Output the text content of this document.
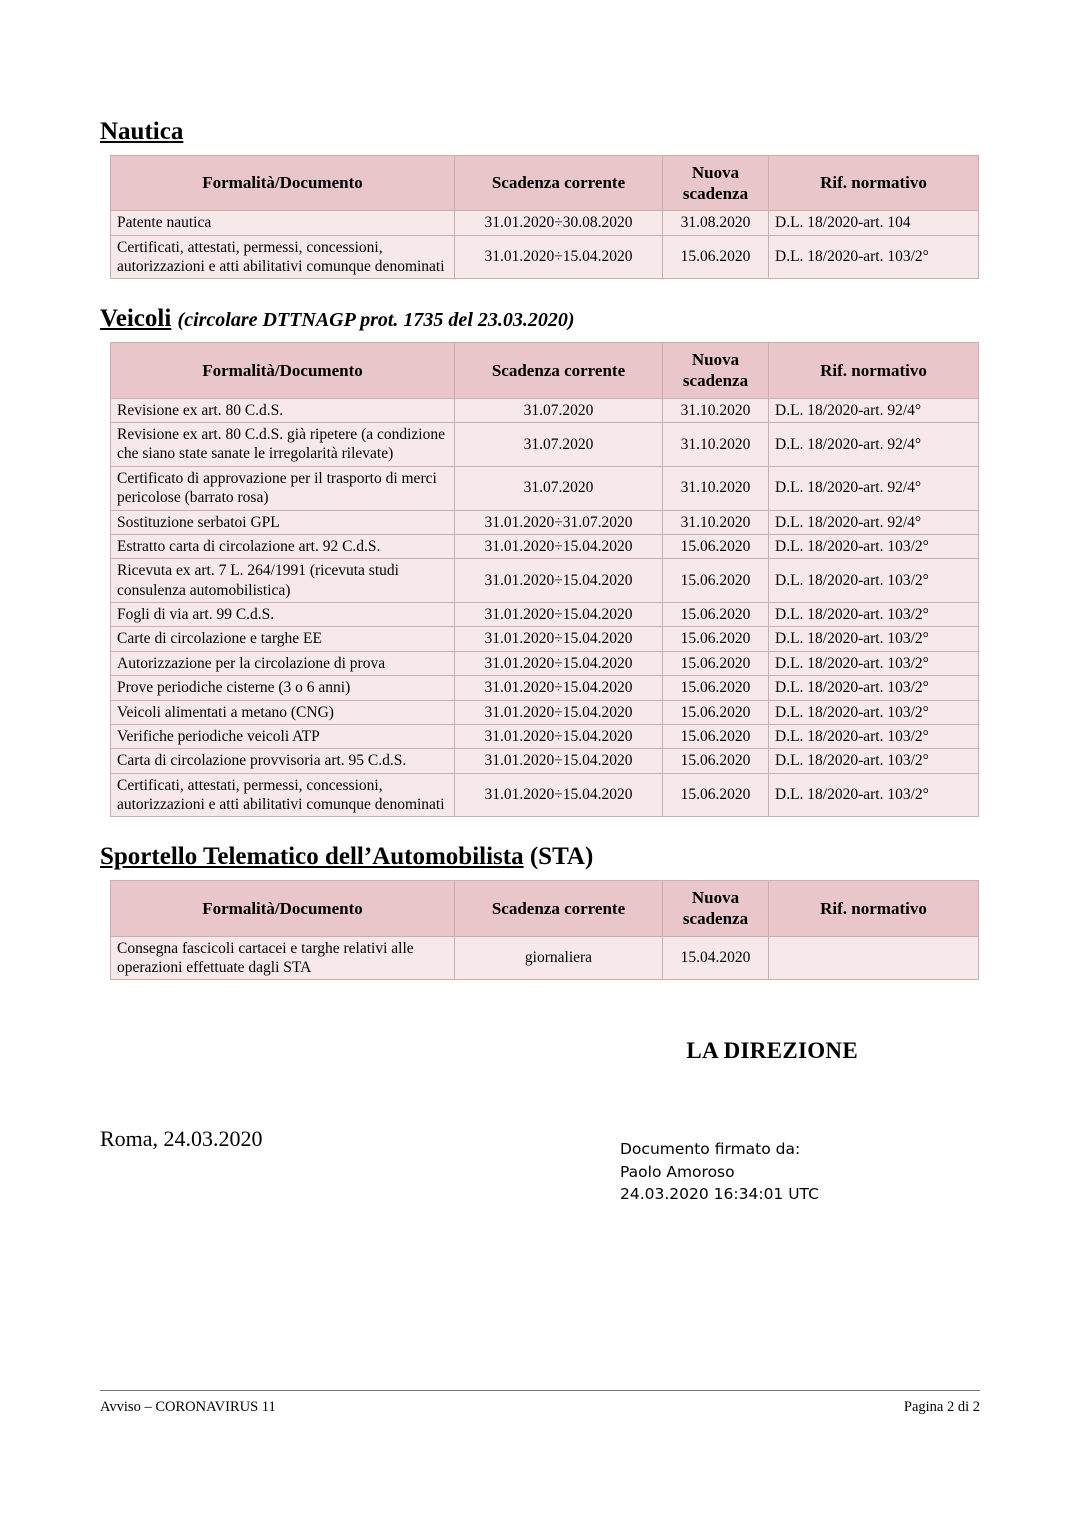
Nautica
Formalità/Documento	Scadenza corrente	Nuova scadenza	Rif. normativo
Patente nautica	31.01.2020÷30.08.2020	31.08.2020	D.L. 18/2020-art. 104
Certificati, attestati, permessi, concessioni, autorizzazioni e atti abilitativi comunque denominati	31.01.2020÷15.04.2020	15.06.2020	D.L. 18/2020-art. 103/2°
Veicoli (circolare DTTNAGP prot. 1735 del 23.03.2020)
Formalità/Documento	Scadenza corrente	Nuova scadenza	Rif. normativo
Revisione ex art. 80 C.d.S.	31.07.2020	31.10.2020	D.L. 18/2020-art. 92/4°
Revisione ex art. 80 C.d.S. già ripetere (a condizione che siano state sanate le irregolarità rilevate)	31.07.2020	31.10.2020	D.L. 18/2020-art. 92/4°
Certificato di approvazione per il trasporto di merci pericolose (barrato rosa)	31.07.2020	31.10.2020	D.L. 18/2020-art. 92/4°
Sostituzione serbatoi GPL	31.01.2020÷31.07.2020	31.10.2020	D.L. 18/2020-art. 92/4°
Estratto carta di circolazione art. 92 C.d.S.	31.01.2020÷15.04.2020	15.06.2020	D.L. 18/2020-art. 103/2°
Ricevuta ex art. 7 L. 264/1991 (ricevuta studi consulenza automobilistica)	31.01.2020÷15.04.2020	15.06.2020	D.L. 18/2020-art. 103/2°
Fogli di via art. 99 C.d.S.	31.01.2020÷15.04.2020	15.06.2020	D.L. 18/2020-art. 103/2°
Carte di circolazione e targhe EE	31.01.2020÷15.04.2020	15.06.2020	D.L. 18/2020-art. 103/2°
Autorizzazione per la circolazione di prova	31.01.2020÷15.04.2020	15.06.2020	D.L. 18/2020-art. 103/2°
Prove periodiche cisterne (3 o 6 anni)	31.01.2020÷15.04.2020	15.06.2020	D.L. 18/2020-art. 103/2°
Veicoli alimentati a metano (CNG)	31.01.2020÷15.04.2020	15.06.2020	D.L. 18/2020-art. 103/2°
Verifiche periodiche veicoli ATP	31.01.2020÷15.04.2020	15.06.2020	D.L. 18/2020-art. 103/2°
Carta di circolazione provvisoria art. 95 C.d.S.	31.01.2020÷15.04.2020	15.06.2020	D.L. 18/2020-art. 103/2°
Certificati, attestati, permessi, concessioni, autorizzazioni e atti abilitativi comunque denominati	31.01.2020÷15.04.2020	15.06.2020	D.L. 18/2020-art. 103/2°
Sportello Telematico dell’Automobilista (STA)
Formalità/Documento	Scadenza corrente	Nuova scadenza	Rif. normativo
Consegna fascicoli cartacei e targhe relativi alle operazioni effettuate dagli STA	giornaliera	15.04.2020	
LA DIREZIONE
Roma, 24.03.2020	Documento firmato da:
Paolo Amoroso
24.03.2020 16:34:01 UTC
Avviso – CORONAVIRUS 11	Pagina 2 di 2
